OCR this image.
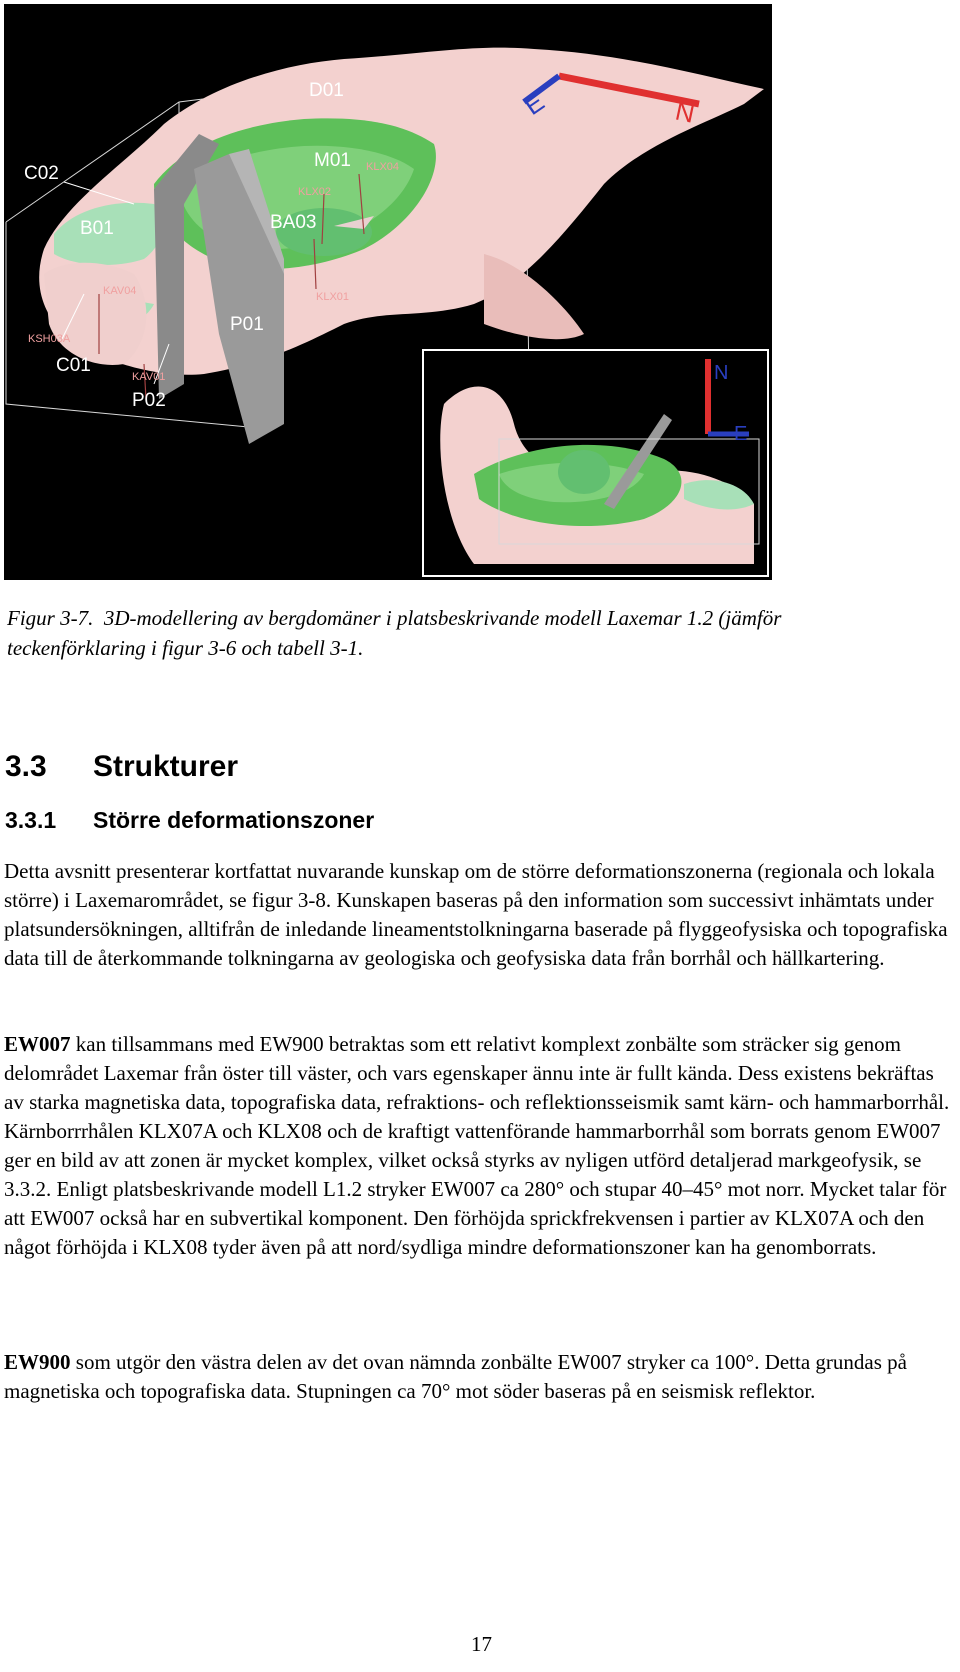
D01
C02
M01 KLX04
KLX02
B01	BA03
KAV04	KLX01
P01
KSH03A
C01
KAV01
P02
E	N
N
E
Figur 3-7. 3D-modellering av bergdomäner i platsbeskrivande modell Laxemar 1.2 (jämför teckenförklaring i figur 3-6 och tabell 3-1.
3.3 Strukturer
3.3.1 Större deformationszoner
Detta avsnitt presenterar kortfattat nuvarande kunskap om de större deformationszonerna (regionala och lokala större) i Laxemarområdet, se figur 3-8. Kunskapen baseras på den information som successivt inhämtats under platsundersökningen, alltifrån de inledande lineamentstolkningarna baserade på flyggeofysiska och topografiska data till de återkommande tolkningarna av geologiska och geofysiska data från borrhål och hällkartering.
EW007 kan tillsammans med EW900 betraktas som ett relativt komplext zonbälte som sträcker sig genom delområdet Laxemar från öster till väster, och vars egenskaper ännu inte är fullt kända. Dess existens bekräftas av starka magnetiska data, topografiska data, refraktions- och reflektionsseismik samt kärn- och hammarborrhål. Kärnborrrhålen KLX07A och KLX08 och de kraftigt vattenförande hammarborrhål som borrats genom EW007 ger en bild av att zonen är mycket komplex, vilket också styrks av nyligen utförd detaljerad markgeofysik, se 3.3.2. Enligt platsbeskrivande modell L1.2 stryker EW007 ca 280° och stupar 40–45° mot norr. Mycket talar för att EW007 också har en subvertikal komponent. Den förhöjda sprickfrekvensen i partier av KLX07A och den något förhöjda i KLX08 tyder även på att nord/sydliga mindre deformationszoner kan ha genomborrats.
EW900 som utgör den västra delen av det ovan nämnda zonbälte EW007 stryker ca 100°. Detta grundas på magnetiska och topografiska data. Stupningen ca 70° mot söder baseras på en seismisk reflektor.
17
